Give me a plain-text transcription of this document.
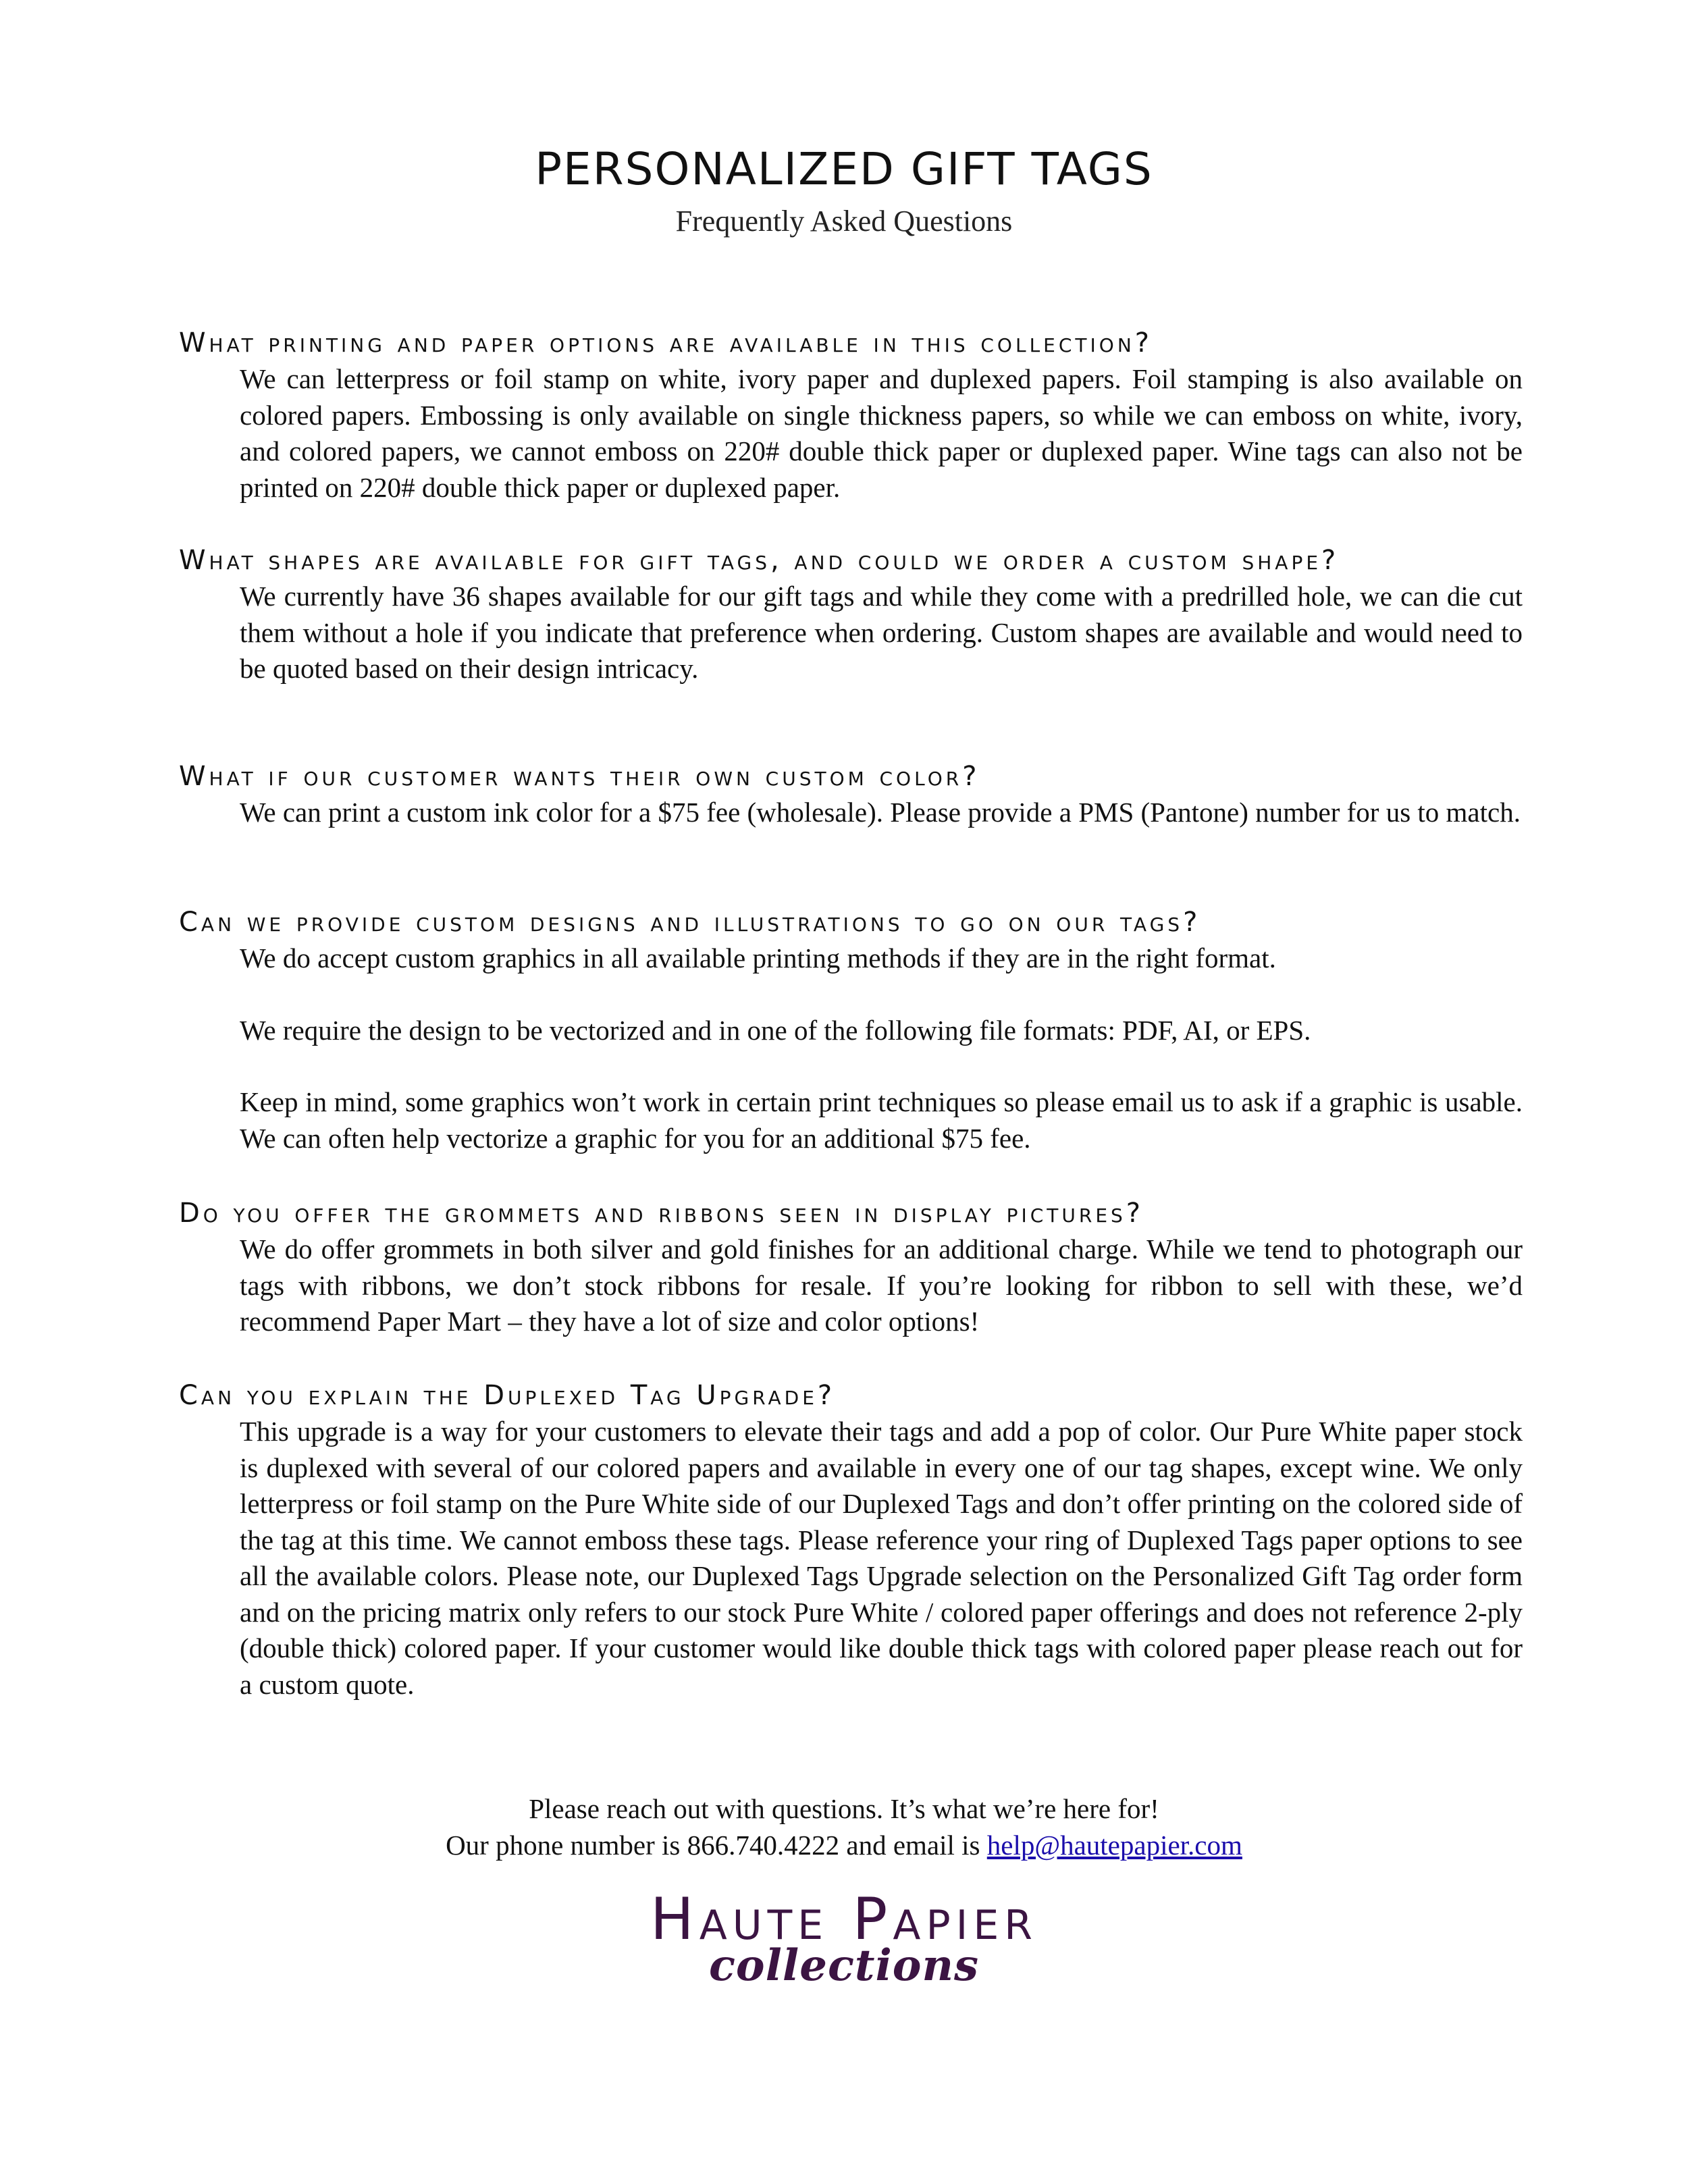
PERSONALIZED GIFT TAGS

Frequently Asked Questions

What printing and paper options are available in this collection?

We can letterpress or foil stamp on white, ivory paper and duplexed papers. Foil stamping is also available on colored papers. Embossing is only available on single thickness papers, so while we can emboss on white, ivory, and colored papers, we cannot emboss on 220# double thick paper or duplexed paper. Wine tags can also not be printed on 220# double thick paper or duplexed paper.

What shapes are available for gift tags, and could we order a custom shape?

We currently have 36 shapes available for our gift tags and while they come with a predrilled hole, we can die cut them without a hole if you indicate that preference when ordering. Custom shapes are available and would need to be quoted based on their design intricacy.

What if our customer wants their own custom color?

We can print a custom ink color for a $75 fee (wholesale). Please provide a PMS (Pantone) number for us to match.

Can we provide custom designs and illustrations to go on our tags?

We do accept custom graphics in all available printing methods if they are in the right format.

We require the design to be vectorized and in one of the following file formats: PDF, AI, or EPS.

Keep in mind, some graphics won’t work in certain print techniques so please email us to ask if a graphic is usable. We can often help vectorize a graphic for you for an additional $75 fee.

Do you offer the grommets and ribbons seen in display pictures?

We do offer grommets in both silver and gold finishes for an additional charge. While we tend to photograph our tags with ribbons, we don’t stock ribbons for resale. If you’re looking for ribbon to sell with these, we’d recommend Paper Mart – they have a lot of size and color options!

Can you explain the Duplexed Tag Upgrade?

This upgrade is a way for your customers to elevate their tags and add a pop of color. Our Pure White paper stock is duplexed with several of our colored papers and available in every one of our tag shapes, except wine. We only letterpress or foil stamp on the Pure White side of our Duplexed Tags and don’t offer printing on the colored side of the tag at this time. We cannot emboss these tags. Please reference your ring of Duplexed Tags paper options to see all the available colors. Please note, our Duplexed Tags Upgrade selection on the Personalized Gift Tag order form and on the pricing matrix only refers to our stock Pure White / colored paper offerings and does not reference 2-ply (double thick) colored paper. If your customer would like double thick tags with colored paper please reach out for a custom quote.

Please reach out with questions. It’s what we’re here for!

Our phone number is 866.740.4222 and email is help@hautepapier.com

Haute Papier
collections
